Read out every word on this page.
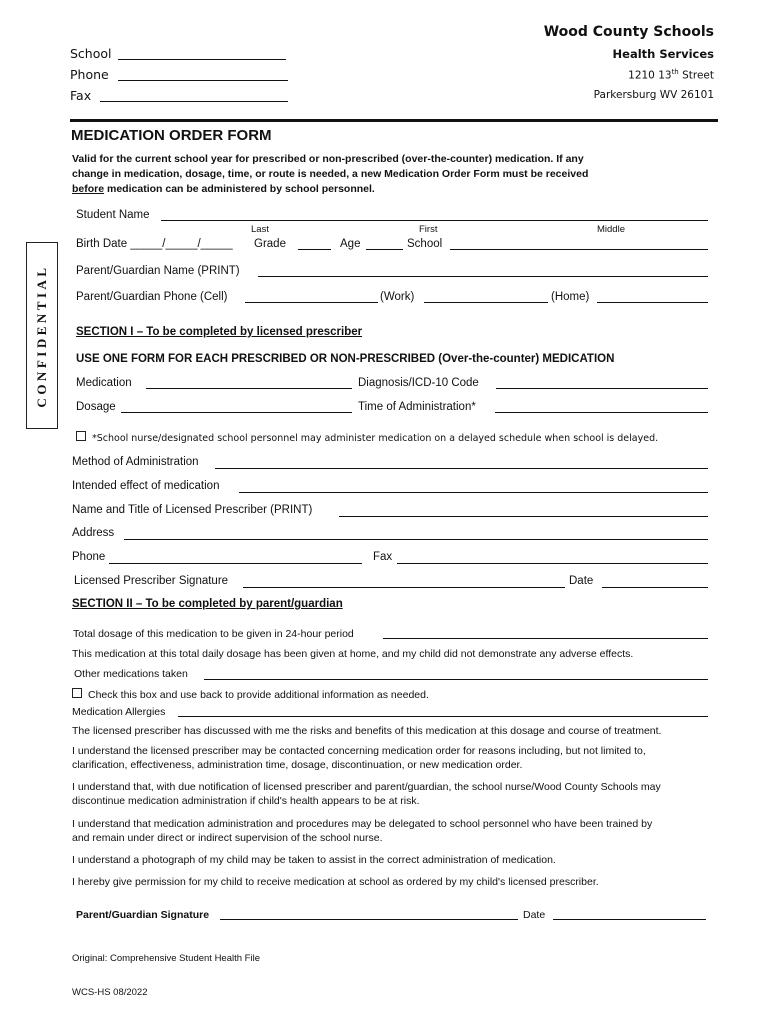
School
Phone
Fax
Wood County Schools
Health Services
1210 13th Street
Parkersburg WV 26101
CONFIDENTIAL
MEDICATION ORDER FORM
Valid for the current school year for prescribed or non-prescribed (over-the-counter) medication. If any
change in medication, dosage, time, or route is needed, a new Medication Order Form must be received
before medication can be administered by school personnel.
Student Name
Last	First	Middle
Birth Date _____/_____/_____ Grade	Age	School
Parent/Guardian Name (PRINT)
Parent/Guardian Phone (Cell)	(Work)	(Home)
SECTION I – To be completed by licensed prescriber
USE ONE FORM FOR EACH PRESCRIBED OR NON-PRESCRIBED (Over-the-counter) MEDICATION
Medication	Diagnosis/ICD-10 Code
Dosage	Time of Administration*
*School nurse/designated school personnel may administer medication on a delayed schedule when school is delayed.
Method of Administration
Intended effect of medication
Name and Title of Licensed Prescriber (PRINT)
Address
Phone	Fax
Licensed Prescriber Signature	Date
SECTION II – To be completed by parent/guardian
Total dosage of this medication to be given in 24-hour period
This medication at this total daily dosage has been given at home, and my child did not demonstrate any adverse effects.
Other medications taken
Check this box and use back to provide additional information as needed.
Medication Allergies
The licensed prescriber has discussed with me the risks and benefits of this medication at this dosage and course of treatment.
I understand the licensed prescriber may be contacted concerning medication order for reasons including, but not limited to,
clarification, effectiveness, administration time, dosage, discontinuation, or new medication order.
I understand that, with due notification of licensed prescriber and parent/guardian, the school nurse/Wood County Schools may
discontinue medication administration if child's health appears to be at risk.
I understand that medication administration and procedures may be delegated to school personnel who have been trained by
and remain under direct or indirect supervision of the school nurse.
I understand a photograph of my child may be taken to assist in the correct administration of medication.
I hereby give permission for my child to receive medication at school as ordered by my child's licensed prescriber.
Parent/Guardian Signature	Date
Original: Comprehensive Student Health File
WCS-HS 08/2022
